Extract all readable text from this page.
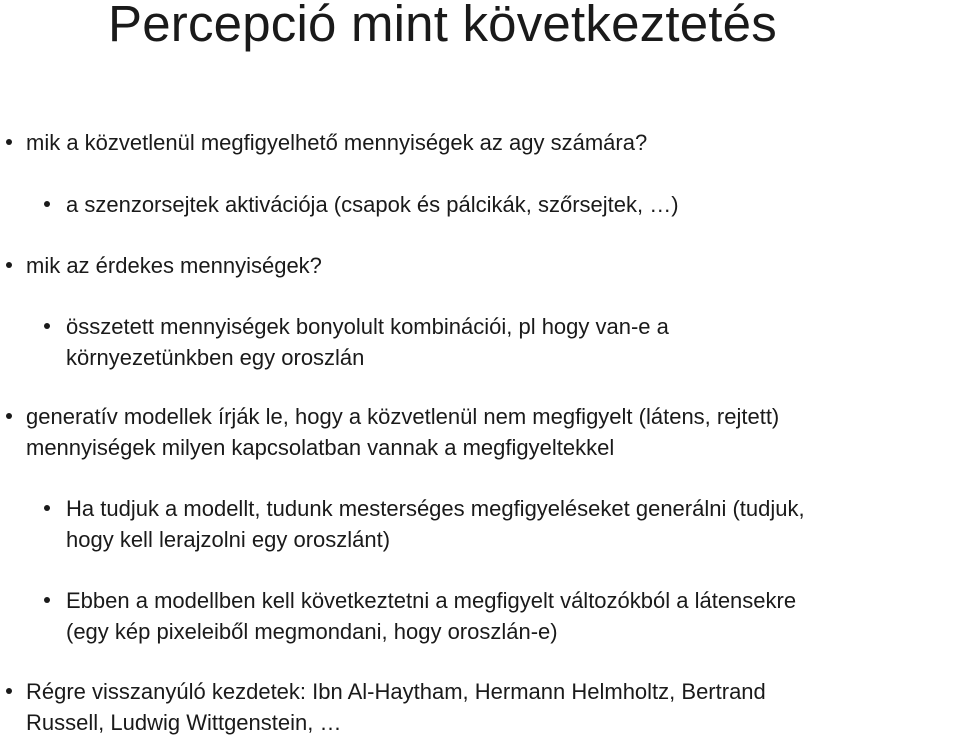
Percepció mint következtetés
mik a közvetlenül megfigyelhető mennyiségek az agy számára?
a szenzorsejtek aktivációja (csapok és pálcikák, szőrsejtek, …)
mik az érdekes mennyiségek?
összetett mennyiségek bonyolult kombinációi, pl hogy van-e a
környezetünkben egy oroszlán
generatív modellek írják le, hogy a közvetlenül nem megfigyelt (látens, rejtett)
mennyiségek milyen kapcsolatban vannak a megfigyeltekkel
Ha tudjuk a modellt, tudunk mesterséges megfigyeléseket generálni (tudjuk,
hogy kell lerajzolni egy oroszlánt)
Ebben a modellben kell következtetni a megfigyelt változókból a látensekre
(egy kép pixeleiből megmondani, hogy oroszlán-e)
Régre visszanyúló kezdetek: Ibn Al-Haytham, Hermann Helmholtz, Bertrand
Russell, Ludwig Wittgenstein, …
